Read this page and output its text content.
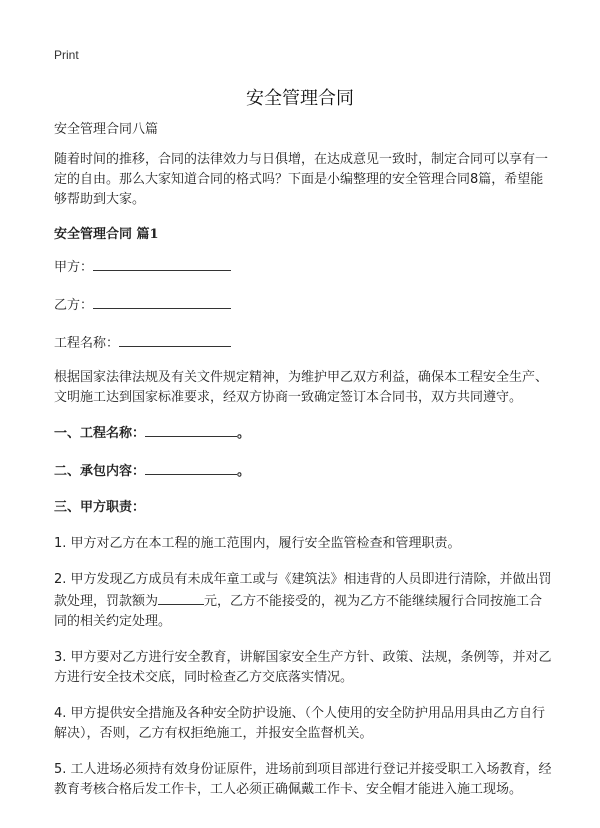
Print
安全管理合同

安全管理合同八篇

随着时间的推移，合同的法律效力与日俱增，在达成意见一致时，制定合同可以享有一定的自由。那么大家知道合同的格式吗？下面是小编整理的安全管理合同8篇，希望能够帮助到大家。

安全管理合同 篇1

甲方：
乙方：
工程名称：

根据国家法律法规及有关文件规定精神，为维护甲乙双方利益，确保本工程安全生产、文明施工达到国家标准要求，经双方协商一致确定签订本合同书，双方共同遵守。

一、工程名称：	。
二、承包内容：	。
三、甲方职责：

1. 甲方对乙方在本工程的施工范围内，履行安全监管检查和管理职责。

2. 甲方发现乙方成员有未成年童工或与《建筑法》相违背的人员即进行清除，并做出罚款处理，罚款额为	元，乙方不能接受的，视为乙方不能继续履行合同按施工合同的相关约定处理。

3. 甲方要对乙方进行安全教育，讲解国家安全生产方针、政策、法规，条例等，并对乙方进行安全技术交底，同时检查乙方交底落实情况。

4. 甲方提供安全措施及各种安全防护设施、（个人使用的安全防护用品用具由乙方自行解决），否则，乙方有权拒绝施工，并报安全监督机关。

5. 工人进场必须持有效身份证原件，进场前到项目部进行登记并接受职工入场教育，经教育考核合格后发工作卡，工人必须正确佩戴工作卡、安全帽才能进入施工现场。
